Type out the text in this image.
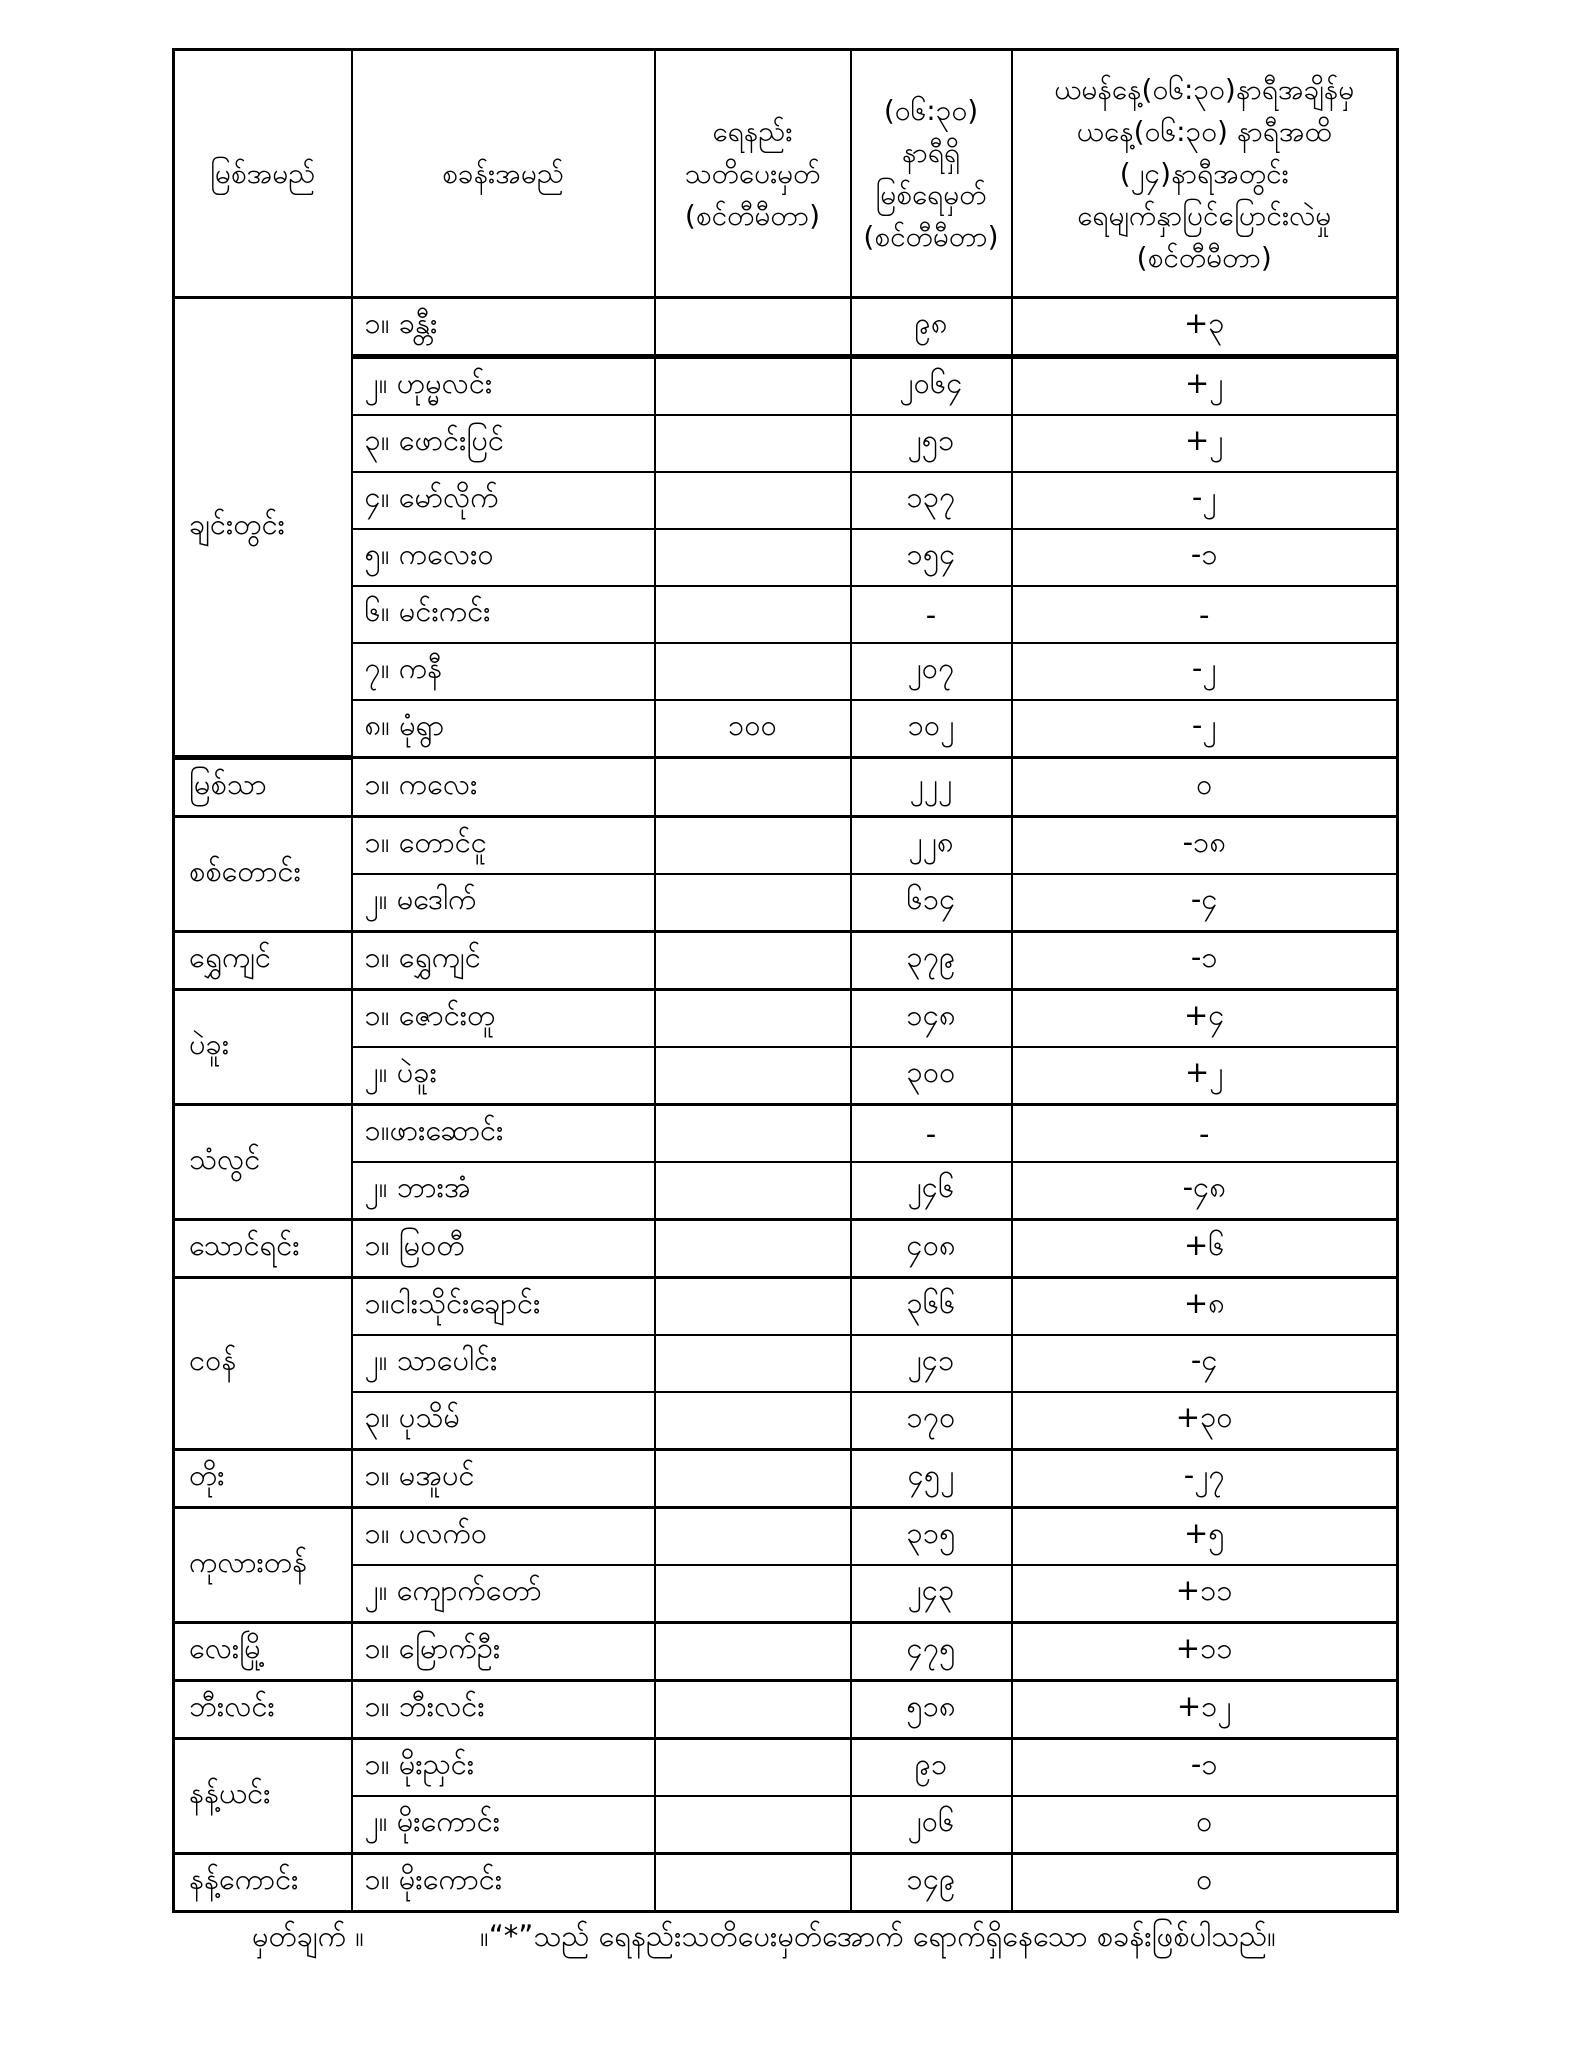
မြစ်အမည်	စခန်းအမည်	ရေနည်း
သတိပေးမှတ်
(စင်တီမီတာ)	(၀၆:၃၀)
နာရီရှိ
မြစ်ရေမှတ်
(စင်တီမီတာ)	ယမန်နေ့(၀၆:၃၀)နာရီအချိန်မှ
ယနေ့(၀၆:၃၀) နာရီအထိ
(၂၄)နာရီအတွင်း
ရေမျက်နှာပြင်ပြောင်းလဲမှု
(စင်တီမီတာ)
ချင်းတွင်း	၁။ ခန္တီး		၉၈	+၃
	၂။ ဟုမ္မလင်း		၂၀၆၄	+၂
	၃။ ဖောင်းပြင်		၂၅၁	+၂
	၄။ မော်လိုက်		၁၃၇	-၂
	၅။ ကလေးဝ		၁၅၄	-၁
	၆။ မင်းကင်း		-	-
	၇။ ကနီ		၂၀၇	-၂
	၈။ မုံရွာ	၁၀၀	၁၀၂	-၂
မြစ်သာ	၁။ ကလေး		၂၂၂	၀
စစ်တောင်း	၁။ တောင်ငူ		၂၂၈	-၁၈
	၂။ မဒေါက်		၆၁၄	-၄
ရွှေကျင်	၁။ ရွှေကျင်		၃၇၉	-၁
ပဲခူး	၁။ ဇောင်းတူ		၁၄၈	+၄
	၂။ ပဲခူး		၃၀၀	+၂
သံလွင်	၁။ဖားဆောင်း		-	-
	၂။ ဘားအံ		၂၄၆	-၄၈
သောင်ရင်း	၁။ မြဝတီ		၄၀၈	+၆
ငဝန်	၁။ငါးသိုင်းချောင်း		၃၆၆	+၈
	၂။ သာပေါင်း		၂၄၁	-၄
	၃။ ပုသိမ်		၁၇၀	+၃၀
တိုး	၁။ မအူပင်		၄၅၂	-၂၇
ကုလားတန်	၁။ ပလက်ဝ		၃၁၅	+၅
	၂။ ကျောက်တော်		၂၄၃	+၁၁
လေးမြို့	၁။ မြောက်ဦး		၄၇၅	+၁၁
ဘီးလင်း	၁။ ဘီးလင်း		၅၁၈	+၁၂
နန့်ယင်း	၁။ မိုးညှင်း		၉၁	-၁
	၂။ မိုးကောင်း		၂၀၆	၀
နန့်ကောင်း	၁။ မိုးကောင်း		၁၄၉	၀
မှတ်ချက် ။	။“*”သည် ရေနည်းသတိပေးမှတ်အောက် ရောက်ရှိနေသော စခန်းဖြစ်ပါသည်။
